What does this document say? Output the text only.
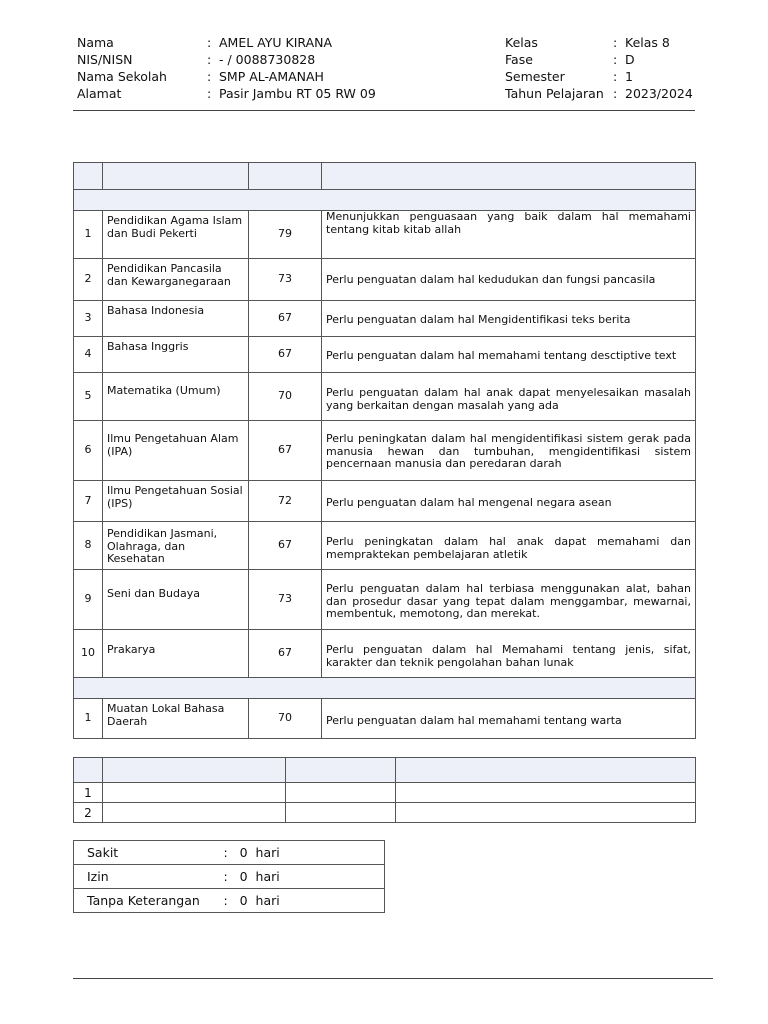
Nama	: AMEL AYU KIRANA
NIS/NISN	: - / 0088730828
Nama Sekolah	: SMP AL-AMANAH
Alamat	: Pasir Jambu RT 05 RW 09
Kelas	: Kelas 8
Fase	: D
Semester	: 1
Tahun Pelajaran : 2023/2024

1	Pendidikan Agama Islam dan Budi Pekerti	79	Menunjukkan penguasaan yang baik dalam hal memahami tentang kitab kitab allah
2	Pendidikan Pancasila dan Kewarganegaraan	73	Perlu penguatan dalam hal kedudukan dan fungsi pancasila
3	Bahasa Indonesia	67	Perlu penguatan dalam hal Mengidentifikasi teks berita
4	Bahasa Inggris	67	Perlu penguatan dalam hal memahami tentang desctiptive text
5	Matematika (Umum)	70	Perlu penguatan dalam hal anak dapat menyelesaikan masalah yang berkaitan dengan masalah yang ada
6	Ilmu Pengetahuan Alam (IPA)	67	Perlu peningkatan dalam hal mengidentifikasi sistem gerak pada manusia hewan dan tumbuhan, mengidentifikasi sistem pencernaan manusia dan peredaran darah
7	Ilmu Pengetahuan Sosial (IPS)	72	Perlu penguatan dalam hal mengenal negara asean
8	Pendidikan Jasmani, Olahraga, dan Kesehatan	67	Perlu peningkatan dalam hal anak dapat memahami dan mempraktekan pembelajaran atletik
9	Seni dan Budaya	73	Perlu penguatan dalam hal terbiasa menggunakan alat, bahan dan prosedur dasar yang tepat dalam menggambar, mewarnai, membentuk, memotong, dan merekat.
10	Prakarya	67	Perlu penguatan dalam hal Memahami tentang jenis, sifat, karakter dan teknik pengolahan bahan lunak

1	Muatan Lokal Bahasa Daerah	70	Perlu penguatan dalam hal memahami tentang warta

1			
2			
Sakit	:   0  hari
Izin	:   0  hari
Tanpa Keterangan	:   0  hari
